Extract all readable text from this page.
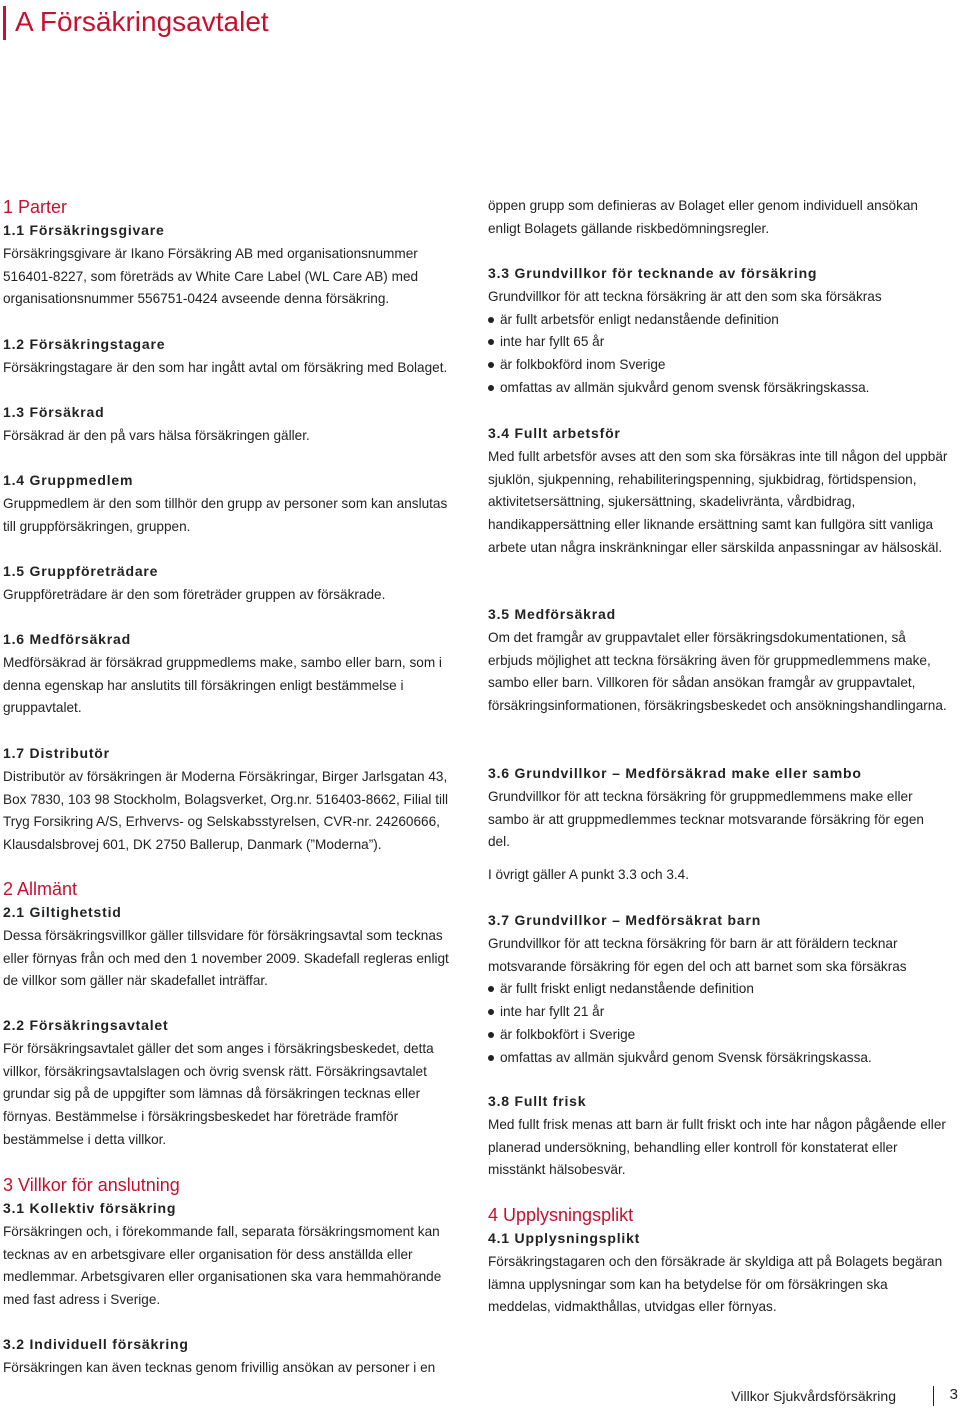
A Försäkringsavtalet
1 Parter
1.1 Försäkringsgivare

Försäkringsgivare är Ikano Försäkring AB med organisationsnummer 516401-8227, som företräds av White Care Label (WL Care AB) med organisationsnummer 556751-0424 avseende denna försäkring.

1.2 Försäkringstagare

Försäkringstagare är den som har ingått avtal om försäkring med Bolaget.

1.3 Försäkrad

Försäkrad är den på vars hälsa försäkringen gäller.

1.4 Gruppmedlem

Gruppmedlem är den som tillhör den grupp av personer som kan anslutas till gruppförsäkringen, gruppen.

1.5 Gruppföreträdare

Gruppföreträdare är den som företräder gruppen av försäkrade.

1.6 Medförsäkrad

Medförsäkrad är försäkrad gruppmedlems make, sambo eller barn, som i denna egenskap har anslutits till försäkringen enligt bestämmelse i gruppavtalet.

1.7 Distributör

Distributör av försäkringen är Moderna Försäkringar, Birger Jarlsgatan 43, Box 7830, 103 98 Stockholm, Bolagsverket, Org.nr. 516403-8662, Filial till Tryg Forsikring A/S, Erhvervs- og Selskabsstyrelsen, CVR-nr. 24260666, Klausdalsbrovej 601, DK 2750 Ballerup, Danmark (”Moderna”).

2 Allmänt
2.1 Giltighetstid

Dessa försäkringsvillkor gäller tillsvidare för försäkringsavtal som tecknas eller förnyas från och med den 1 november 2009. Skadefall regleras enligt de villkor som gäller när skadefallet inträffar.

2.2 Försäkringsavtalet

För försäkringsavtalet gäller det som anges i försäkringsbeskedet, detta villkor, försäkringsavtalslagen och övrig svensk rätt. Försäkringsavtalet grundar sig på de uppgifter som lämnas då försäkringen tecknas eller förnyas. Bestämmelse i försäkringsbeskedet har företräde framför bestämmelse i detta villkor.

3 Villkor för anslutning
3.1 Kollektiv försäkring

Försäkringen och, i förekommande fall, separata försäkringsmoment kan tecknas av en arbetsgivare eller organisation för dess anställda eller medlemmar. Arbetsgivaren eller organisationen ska vara hemmahörande med fast adress i Sverige.

3.2 Individuell försäkring

Försäkringen kan även tecknas genom frivillig ansökan av personer i en

öppen grupp som definieras av Bolaget eller genom individuell ansökan enligt Bolagets gällande riskbedömningsregler.

3.3 Grundvillkor för tecknande av försäkring

Grundvillkor för att teckna försäkring är att den som ska försäkras

är fullt arbetsför enligt nedanstående definition
inte har fyllt 65 år
är folkbokförd inom Sverige
omfattas av allmän sjukvård genom svensk försäkringskassa.
3.4 Fullt arbetsför

Med fullt arbetsför avses att den som ska försäkras inte till någon del uppbär sjuklön, sjukpenning, rehabiliteringspenning, sjukbidrag, förtidspension, aktivitetsersättning, sjukersättning, skadelivränta, vårdbidrag, handikappersättning eller liknande ersättning samt kan fullgöra sitt vanliga arbete utan några inskränkningar eller särskilda anpassningar av hälsoskäl.

3.5 Medförsäkrad

Om det framgår av gruppavtalet eller försäkringsdokumentationen, så erbjuds möjlighet att teckna försäkring även för gruppmedlemmens make, sambo eller barn. Villkoren för sådan ansökan framgår av gruppavtalet, försäkringsinformationen, försäkringsbeskedet och ansökningshandlingarna.

3.6 Grundvillkor – Medförsäkrad make eller sambo

Grundvillkor för att teckna försäkring för gruppmedlemmens make eller sambo är att gruppmedlemmes tecknar motsvarande försäkring för egen del.

I övrigt gäller A punkt 3.3 och 3.4.

3.7 Grundvillkor – Medförsäkrat barn

Grundvillkor för att teckna försäkring för barn är att föräldern tecknar motsvarande försäkring för egen del och att barnet som ska försäkras

är fullt friskt enligt nedanstående definition
inte har fyllt 21 år
är folkbokfört i Sverige
omfattas av allmän sjukvård genom Svensk försäkringskassa.
3.8 Fullt frisk

Med fullt frisk menas att barn är fullt friskt och inte har någon pågående eller planerad undersökning, behandling eller kontroll för konstaterat eller misstänkt hälsobesvär.

4 Upplysningsplikt
4.1 Upplysningsplikt

Försäkringstagaren och den försäkrade är skyldiga att på Bolagets begäran lämna upplysningar som kan ha betydelse för om försäkringen ska meddelas, vidmakthållas, utvidgas eller förnyas.

Villkor Sjukvårdsförsäkring	3
